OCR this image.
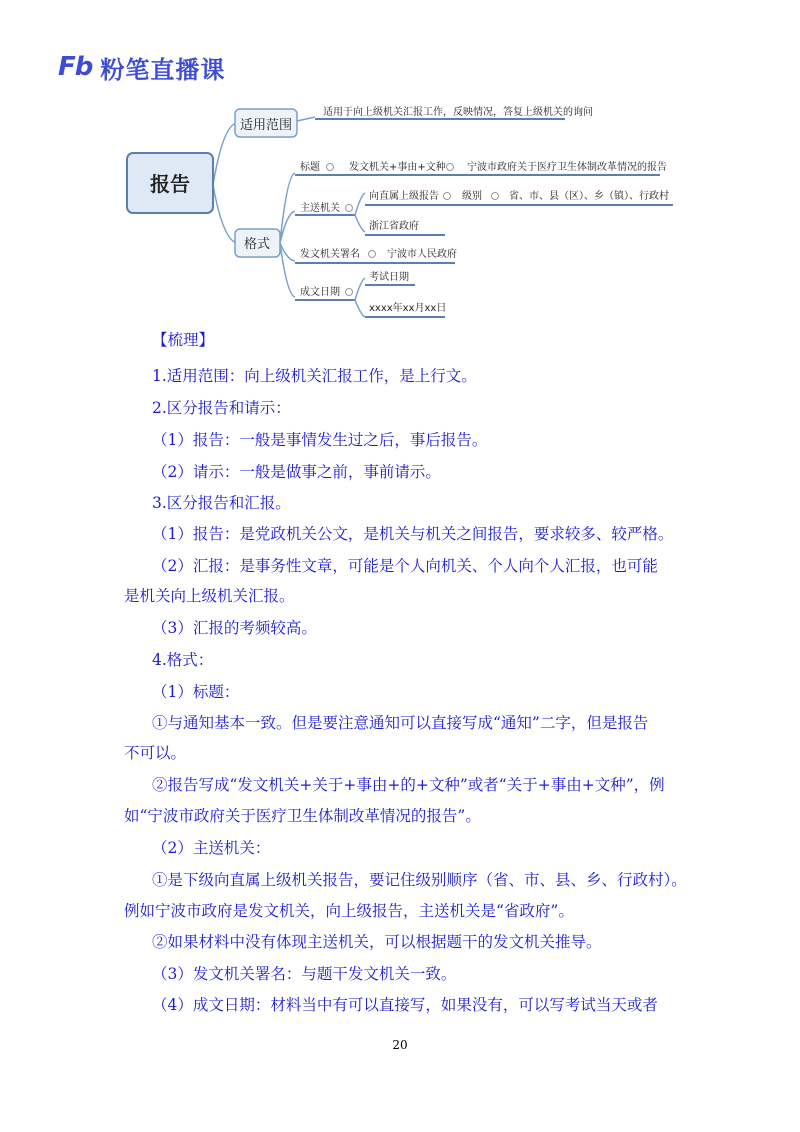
Fb 粉笔直播课
报告
适用范围
适用于向上级机关汇报工作，反映情况，答复上级机关的询问
格式
标题	发文机关+事由+文种 宁波市政府关于医疗卫生体制改革情况的报告
主送机关
向直属上级报告 级别	省、市、县（区）、乡（镇）、行政村
浙江省政府
发文机关署名	宁波市人民政府
成文日期
考试日期
xxxx年xx月xx日
【梳理】
1.适用范围：向上级机关汇报工作，是上行文。
2.区分报告和请示：
（1）报告：一般是事情发生过之后，事后报告。
（2）请示：一般是做事之前，事前请示。
3.区分报告和汇报。
（1）报告：是党政机关公文，是机关与机关之间报告，要求较多、较严格。
（2）汇报：是事务性文章，可能是个人向机关、个人向个人汇报，也可能
是机关向上级机关汇报。
（3）汇报的考频较高。
4.格式：
（1）标题：
①与通知基本一致。但是要注意通知可以直接写成“通知”二字，但是报告
不可以。
②报告写成“发文机关+关于+事由+的+文种”或者“关于+事由+文种”，例
如“宁波市政府关于医疗卫生体制改革情况的报告”。
（2）主送机关：
①是下级向直属上级机关报告，要记住级别顺序（省、市、县、乡、行政村）。
例如宁波市政府是发文机关，向上级报告，主送机关是“省政府”。
②如果材料中没有体现主送机关，可以根据题干的发文机关推导。
（3）发文机关署名：与题干发文机关一致。
（4）成文日期：材料当中有可以直接写，如果没有，可以写考试当天或者
20
